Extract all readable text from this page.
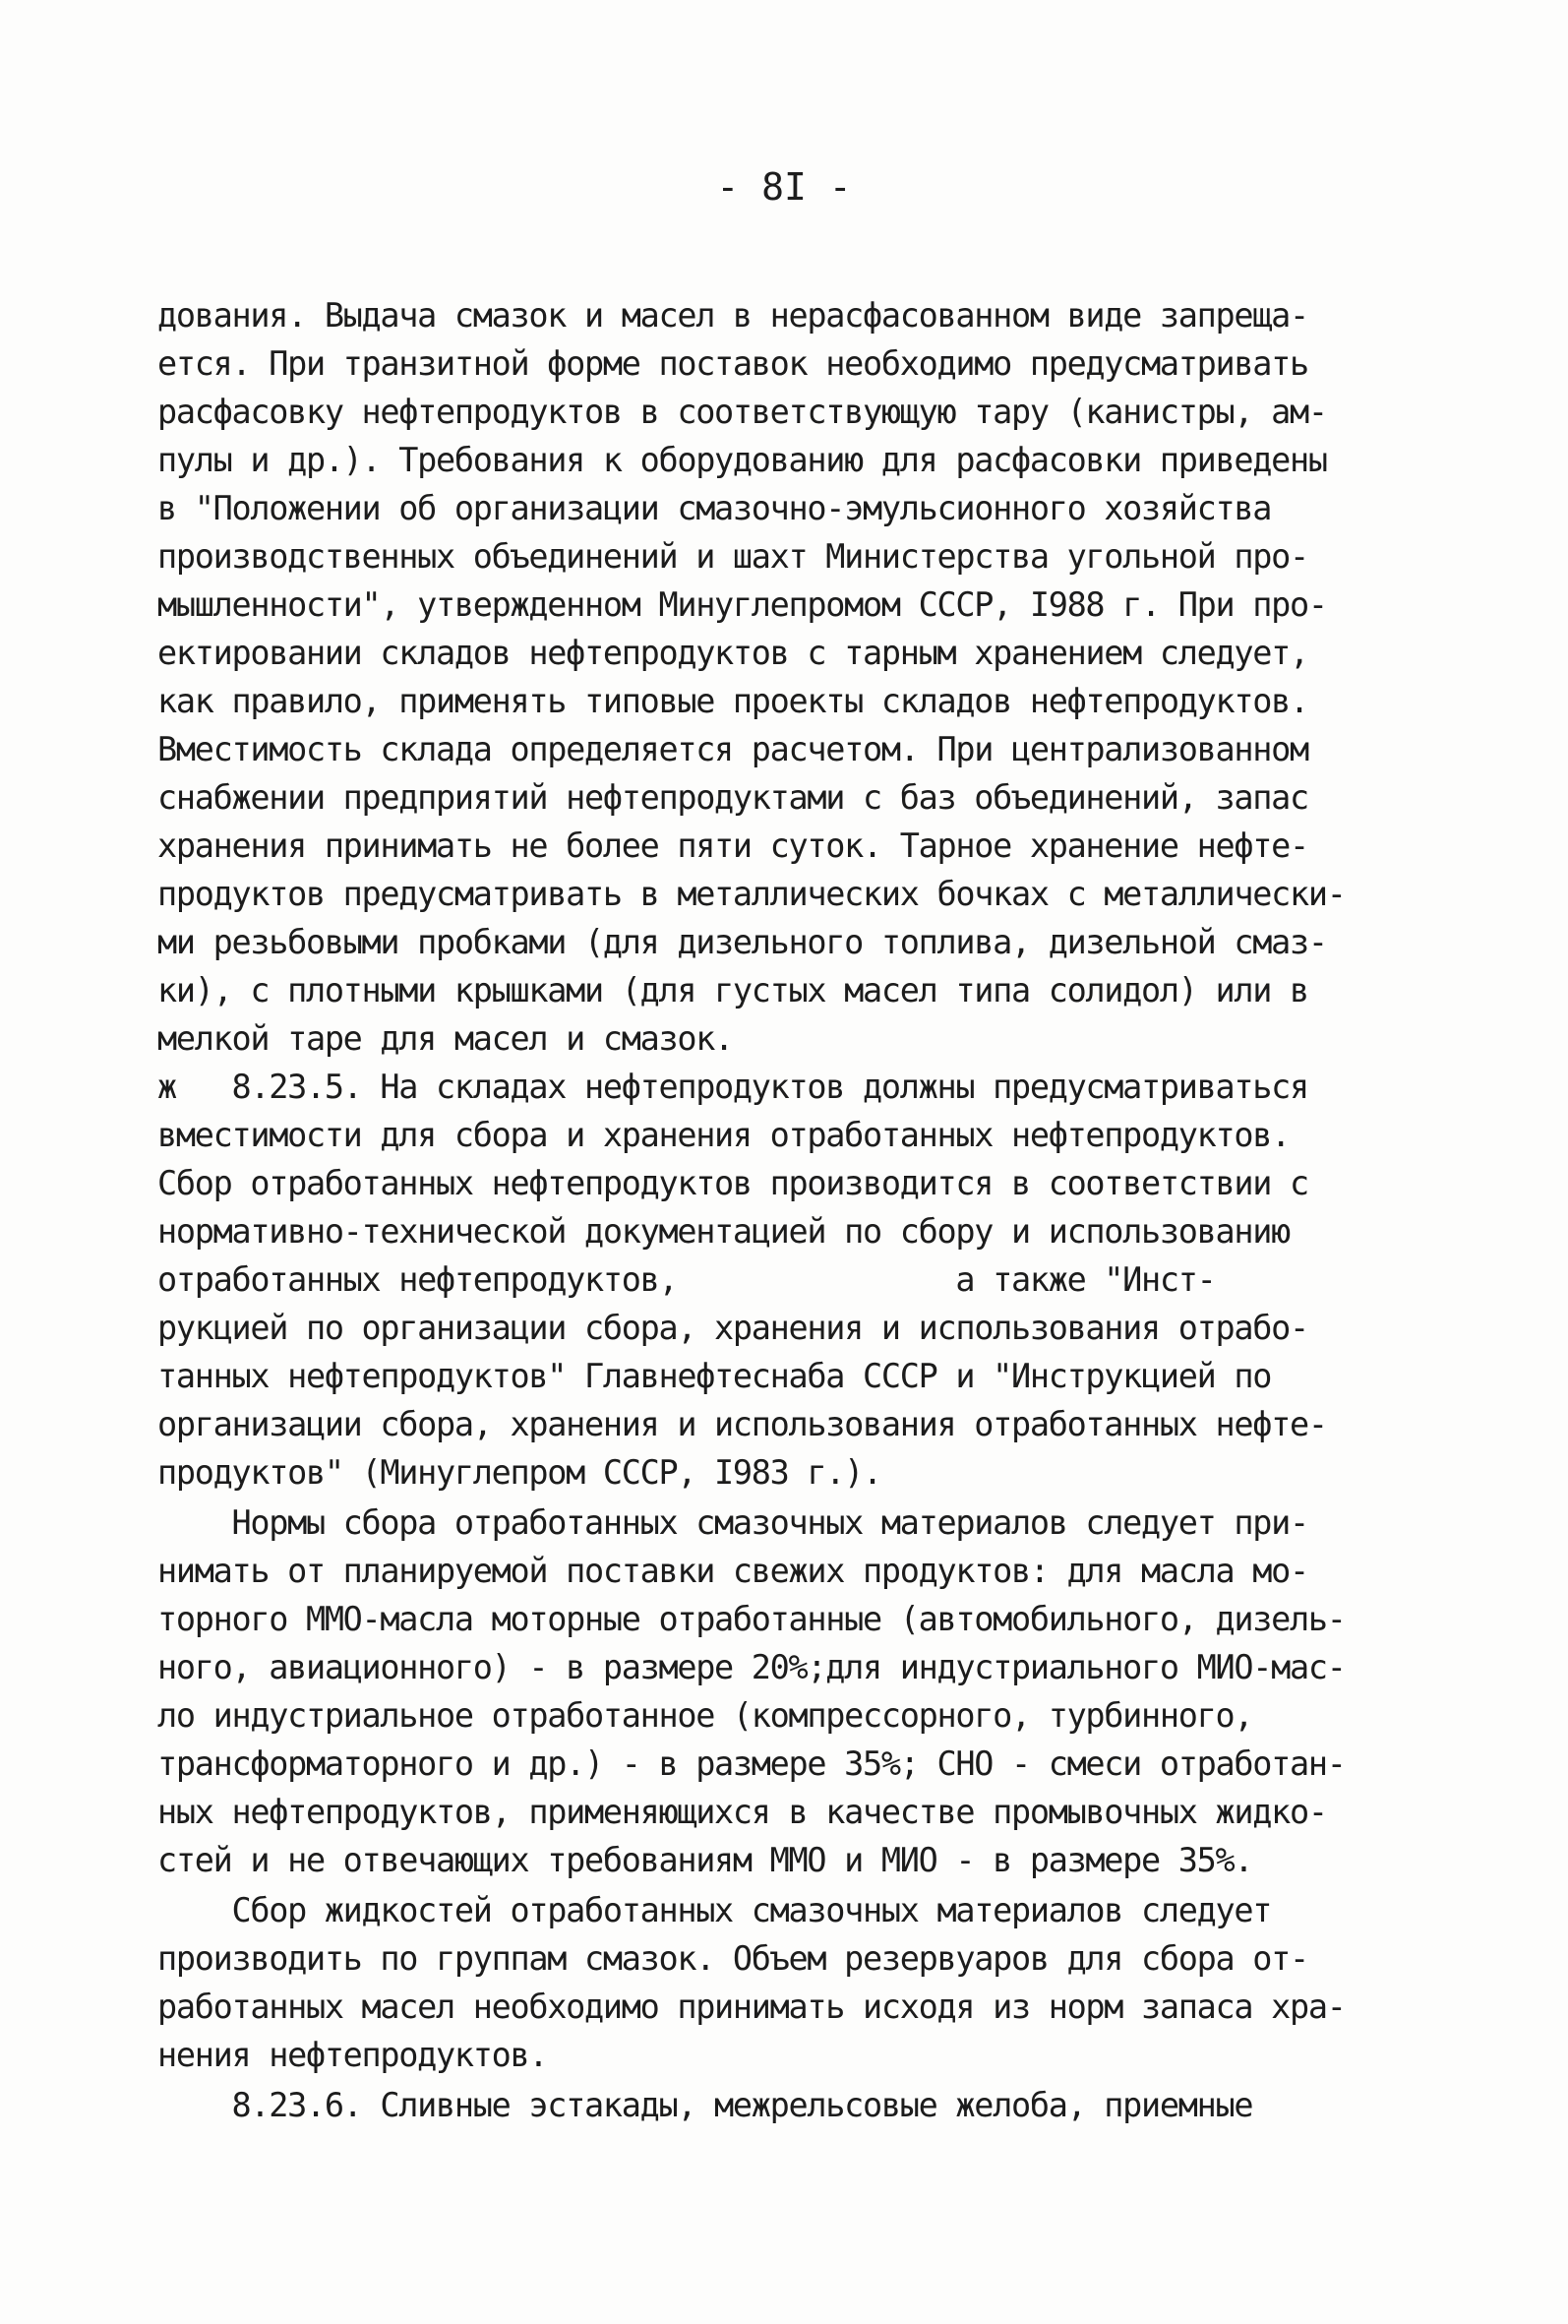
- 8I -
дования. Выдача смазок и масел в нерасфасованном виде запреща-
ется. При транзитной форме поставок необходимо предусматривать
расфасовку нефтепродуктов в соответствующую тару (канистры, ам-
пулы и др.). Требования к оборудованию для расфасовки приведены
в "Положении об организации смазочно-эмульсионного хозяйства
производственных объединений и шахт Министерства угольной про-
мышленности", утвержденном Минуглепромом СССР, I988 г. При про-
ектировании складов нефтепродуктов с тарным хранением следует,
как правило, применять типовые проекты складов нефтепродуктов.
Вместимость склада определяется расчетом. При централизованном
снабжении предприятий нефтепродуктами с баз объединений, запас
хранения принимать не более пяти суток. Тарное хранение нефте-
продуктов предусматривать в металлических бочках с металлически-
ми резьбовыми пробками (для дизельного топлива, дизельной смаз-
ки), с плотными крышками (для густых масел типа солидол) или в
мелкой таре для масел и смазок.
ж   8.23.5. На складах нефтепродуктов должны предусматриваться
вместимости для сбора и хранения отработанных нефтепродуктов.
Сбор отработанных нефтепродуктов производится в соответствии с
нормативно-технической документацией по сбору и использованию
отработанных нефтепродуктов,               а также "Инст-
рукцией по организации сбора, хранения и использования отрабо-
танных нефтепродуктов" Главнефтеснаба СССР и "Инструкцией по
организации сбора, хранения и использования отработанных нефте-
продуктов" (Минуглепром СССР, I983 г.).
Нормы сбора отработанных смазочных материалов следует при-
нимать от планируемой поставки свежих продуктов: для масла мо-
торного ММО-масла моторные отработанные (автомобильного, дизель-
ного, авиационного) - в размере 20%;для индустриального МИО-мас-
ло индустриальное отработанное (компрессорного, турбинного,
трансформаторного и др.) - в размере 35%; СНО - смеси отработан-
ных нефтепродуктов, применяющихся в качестве промывочных жидко-
стей и не отвечающих требованиям ММО и МИО - в размере 35%.
Сбор жидкостей отработанных смазочных материалов следует
производить по группам смазок. Объем резервуаров для сбора от-
работанных масел необходимо принимать исходя из норм запаса хра-
нения нефтепродуктов.
8.23.6. Сливные эстакады, межрельсовые желоба, приемные
